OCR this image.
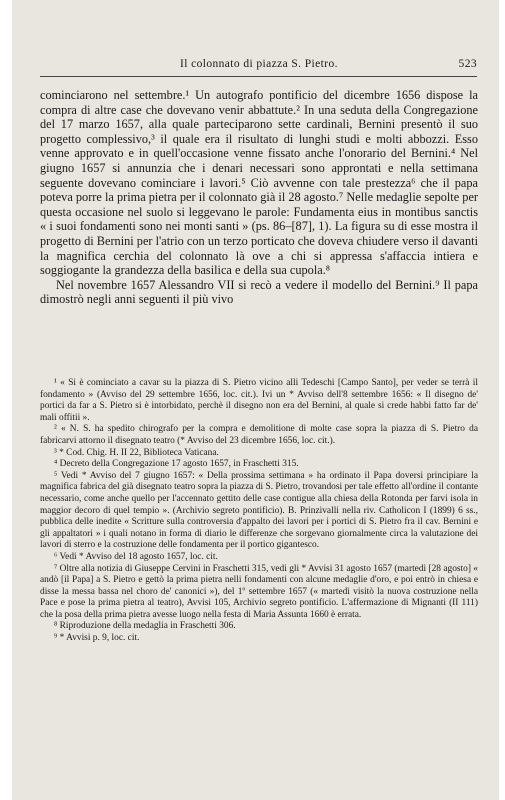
Il colonnato di piazza S. Pietro.	523

cominciarono nel settembre.¹ Un autografo pontificio del dicembre 1656 dispose la compra di altre case che dovevano venir abbattute.² In una seduta della Congregazione del 17 marzo 1657, alla quale parteciparono sette cardinali, Bernini presentò il suo progetto complessivo,³ il quale era il risultato di lunghi studi e molti abbozzi. Esso venne approvato e in quell'occasione venne fissato anche l'onorario del Bernini.⁴ Nel giugno 1657 si annunzia che i denari necessari sono approntati e nella settimana seguente dovevano cominciare i lavori.⁵ Ciò avvenne con tale prestezza⁶ che il papa poteva porre la prima pietra per il colonnato già il 28 agosto.⁷ Nelle medaglie sepolte per questa occasione nel suolo si leggevano le parole: Fundamenta eius in montibus sanctis « i suoi fondamenti sono nei monti santi » (ps. 86–[87], 1). La figura su di esse mostra il progetto di Bernini per l'atrio con un terzo porticato che doveva chiudere verso il davanti la magnifica cerchia del colonnato là ove a chi si appressa s'affaccia intiera e soggiogante la grandezza della basilica e della sua cupola.⁸

Nel novembre 1657 Alessandro VII si recò a vedere il modello del Bernini.⁹ Il papa dimostrò negli anni seguenti il più vivo

¹ « Si è cominciato a cavar su la piazza di S. Pietro vicino alli Tedeschi [Campo Santo], per veder se terrà il fondamento » (Avviso del 29 settembre 1656, loc. cit.). Ivi un * Avviso dell'8 settembre 1656: « Il disegno de' portici da far a S. Pietro si è intorbidato, perchè il disegno non era del Bernini, al quale si crede habbi fatto far de' mali offitii ».

² « N. S. ha spedito chirografo per la compra e demolitione di molte case sopra la piazza di S. Pietro da fabricarvi attorno il disegnato teatro (* Avviso del 23 dicembre 1656, loc. cit.).

³ * Cod. Chig. H. II 22, Biblioteca Vaticana.

⁴ Decreto della Congregazione 17 agosto 1657, in Fraschetti 315.

⁵ Vedi * Avviso del 7 giugno 1657: « Della prossima settimana » ha ordinato il Papa doversi principiare la magnifica fabrica del già disegnato teatro sopra la piazza di S. Pietro, trovandosi per tale effetto all'ordine il contante necessario, come anche quello per l'accennato gettito delle case contigue alla chiesa della Rotonda per farvi isola in maggior decoro di quel tempio ». (Archivio segreto pontificio). B. Prinzivalli nella riv. Catholicon I (1899) 6 ss., pubblica delle inedite « Scritture sulla controversia d'appalto dei lavori per i portici di S. Pietro fra il cav. Bernini e gli appaltatori » i quali notano in forma di diario le differenze che sorgevano giornalmente circa la valutazione dei lavori di sterro e la costruzione delle fondamenta per il portico gigantesco.

⁶ Vedi * Avviso del 18 agosto 1657, loc. cit.

⁷ Oltre alla notizia di Giuseppe Cervini in Fraschetti 315, vedi gli * Avvisi 31 agosto 1657 (martedì [28 agosto] « andò [il Papa] a S. Pietro e gettò la prima pietra nelli fondamenti con alcune medaglie d'oro, e poi entrò in chiesa e disse la messa bassa nel choro de' canonici »), del 1º settembre 1657 (« martedì visitò la nuova costruzione nella Pace e pose la prima pietra al teatro), Avvisi 105, Archivio segreto pontificio. L'affermazione di Mignanti (II 111) che la posa della prima pietra avesse luogo nella festa di Maria Assunta 1660 è errata.

⁸ Riproduzione della medaglia in Fraschetti 306.

⁹ * Avvisi p. 9, loc. cit.
